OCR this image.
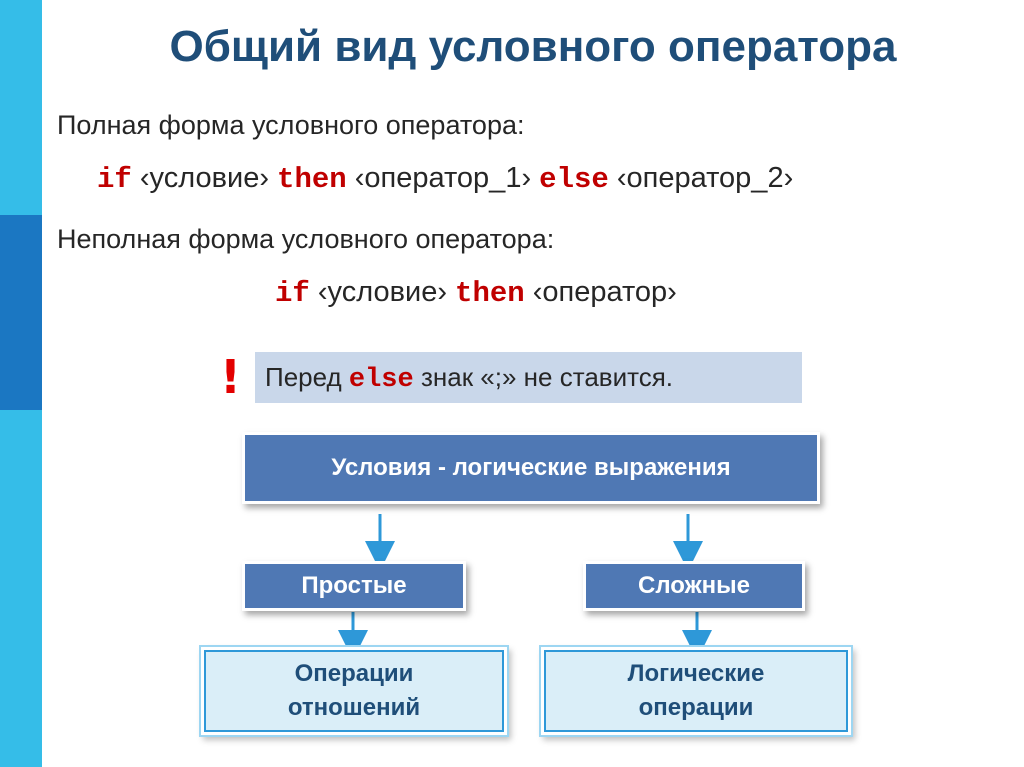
Общий вид условного оператора
Полная форма условного оператора:
if ‹условие› then ‹оператор_1› else ‹оператор_2›
Неполная форма условного оператора:
if ‹условие› then ‹оператор›
! Перед else знак «;» не ставится.
Условия - логические выражения
Простые	Сложные
Операции
отношений
Логические
операции
